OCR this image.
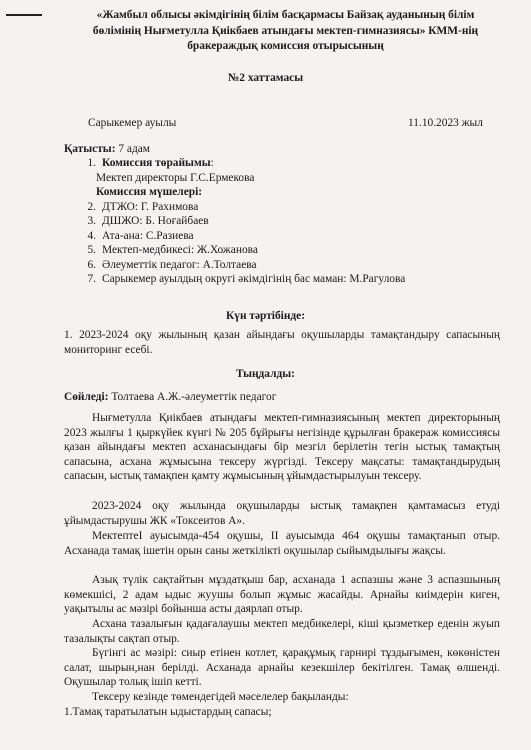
«Жамбыл облысы әкімдігінің білім басқармасы Байзақ ауданының білім
бөлімінің Нығметулла Қиікбаев атындағы мектеп-гимназиясы» КММ-нің
бракераждық комиссия отырысының
№2 хаттамасы
Сарыкемер ауылы	11.10.2023 жыл
Қатысты: 7 адам
1. Комиссия төрайымы:
Мектеп директоры Г.С.Ермекова
Комиссия мүшелері:
2. ДТЖО: Г. Рахимова
3. ДШЖО: Б. Ноғайбаев
4. Ата-ана: С.Разиева
5. Мектеп-медбикесі: Ж.Хожанова
6. Әлеуметтік педагог: А.Толтаева
7. Сарыкемер ауылдың округі әкімдігінің бас маман: М.Рагулова
Күн тәртібінде:
1. 2023-2024 оқу жылының қазан айындағы оқушыларды тамақтандыру сапасының мониторинг есебі.
Тыңдалды:
Сөйледі: Толтаева А.Ж.-әлеуметтік педагог
Нығметулла Қиікбаев атындағы мектеп-гимназиясының мектеп директорының 2023 жылғы 1 қыркүйек күнгі № 205 бұйрығы негізінде құрылған бракераж комиссиясы қазан айындағы мектеп асханасындағы бір мезгіл берілетін тегін ыстық тамақтың сапасына, асхана жұмысына тексеру жүргізді. Тексеру мақсаты: тамақтандырудың сапасын, ыстық тамақпен қамту жұмысының ұйымдастырылуын тексеру.
2023-2024 оқу жылында оқушыларды ыстық тамақпен қамтамасыз етуді ұйымдастырушы ЖК «Токсеитов А».
МектептеІ ауысымда-454 оқушы, ІІ ауысымда 464 оқушы тамақтанып отыр. Асханада тамақ ішетін орын саны жеткілікті оқушылар сыйымдылығы жақсы.
Азық түлік сақтайтын мұздатқыш бар, асханада 1 аспазшы және 3 аспазшының көмекшісі, 2 адам ыдыс жуушы болып жұмыс жасайды. Арнайы киімдерін киген, уақытылы ас мәзірі бойынша асты даярлап отыр.
Асхана тазалығын қадағалаушы мектеп медбикелері, кіші қызметкер еденін жуып тазалықты сақтап отыр.
Бүгінгі ас мәзірі: сиыр етінен котлет, қарақұмық гарнирі тұздығымен, көкөністен салат, шырын,нан берілді. Асханада арнайы кезекшілер бекітілген. Тамақ өлшенді. Оқушылар толық ішіп кетті.
Тексеру кезінде төмендегідей мәселелер бақыланды:
1.Тамақ таратылатын ыдыстардың сапасы;
